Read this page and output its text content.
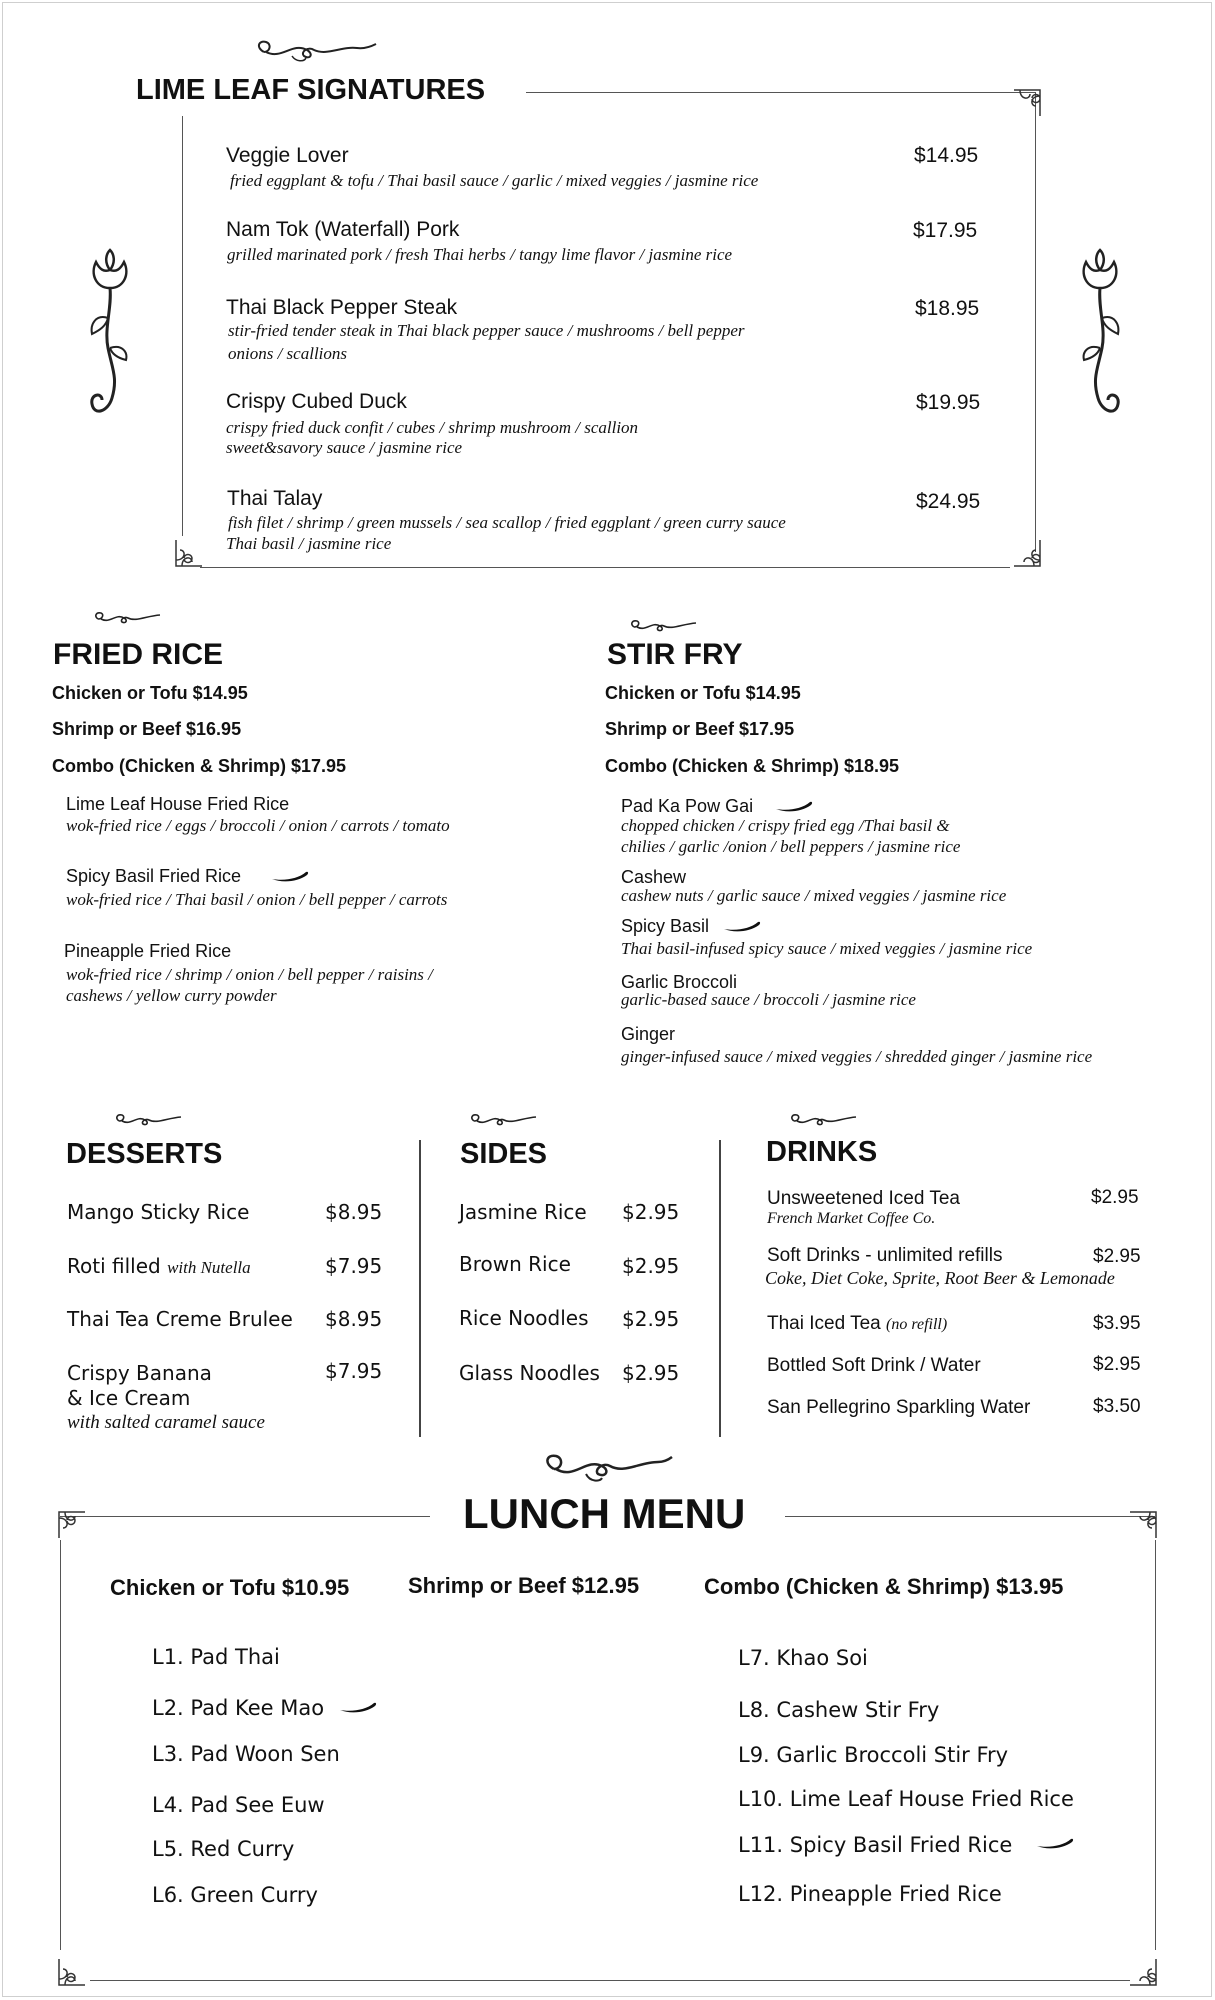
LIME LEAF SIGNATURES
Veggie Lover	$14.95
fried eggplant & tofu / Thai basil sauce / garlic / mixed veggies / jasmine rice
Nam Tok (Waterfall) Pork	$17.95
grilled marinated pork / fresh Thai herbs / tangy lime flavor / jasmine rice
Thai Black Pepper Steak	$18.95
stir-fried tender steak in Thai black pepper sauce / mushrooms / bell pepper
onions / scallions
Crispy Cubed Duck	$19.95
crispy fried duck confit / cubes / shrimp mushroom / scallion
sweet&savory sauce / jasmine rice
Thai Talay	$24.95
fish filet / shrimp / green mussels / sea scallop / fried eggplant / green curry sauce
Thai basil / jasmine rice
FRIED RICE
Chicken or Tofu $14.95
Shrimp or Beef $16.95
Combo (Chicken & Shrimp) $17.95
Lime Leaf House Fried Rice
wok-fried rice / eggs / broccoli / onion / carrots / tomato
Spicy Basil Fried Rice
wok-fried rice / Thai basil / onion / bell pepper / carrots
Pineapple Fried Rice
wok-fried rice / shrimp / onion / bell pepper / raisins /
cashews / yellow curry powder
STIR FRY
Chicken or Tofu $14.95
Shrimp or Beef $17.95
Combo (Chicken & Shrimp) $18.95
Pad Ka Pow Gai
chopped chicken / crispy fried egg /Thai basil &
chilies / garlic /onion / bell peppers / jasmine rice
Cashew
cashew nuts / garlic sauce / mixed veggies / jasmine rice
Spicy Basil
Thai basil-infused spicy sauce / mixed veggies / jasmine rice
Garlic Broccoli
garlic-based sauce / broccoli / jasmine rice
Ginger
ginger-infused sauce / mixed veggies / shredded ginger / jasmine rice
DESSERTS
Mango Sticky Rice	$8.95
Roti filled with Nutella	$7.95
Thai Tea Creme Brulee $8.95
Crispy Banana
& Ice Cream
with salted caramel sauce
$7.95
SIDES
Jasmine Rice $2.95
Brown Rice	$2.95
Rice Noodles $2.95
Glass Noodles $2.95
DRINKS
Unsweetened Iced Tea	$2.95
French Market Coffee Co.
Soft Drinks - unlimited refills	$2.95
Coke, Diet Coke, Sprite, Root Beer & Lemonade
Thai Iced Tea (no refill)	$3.95
Bottled Soft Drink / Water	$2.95
San Pellegrino Sparkling Water	$3.50
LUNCH MENU
Chicken or Tofu $10.95	Shrimp or Beef $12.95	Combo (Chicken & Shrimp) $13.95
L1. Pad Thai
L2. Pad Kee Mao
L3. Pad Woon Sen
L4. Pad See Euw
L5. Red Curry
L6. Green Curry
L7. Khao Soi
L8. Cashew Stir Fry
L9. Garlic Broccoli Stir Fry
L10. Lime Leaf House Fried Rice
L11. Spicy Basil Fried Rice
L12. Pineapple Fried Rice
